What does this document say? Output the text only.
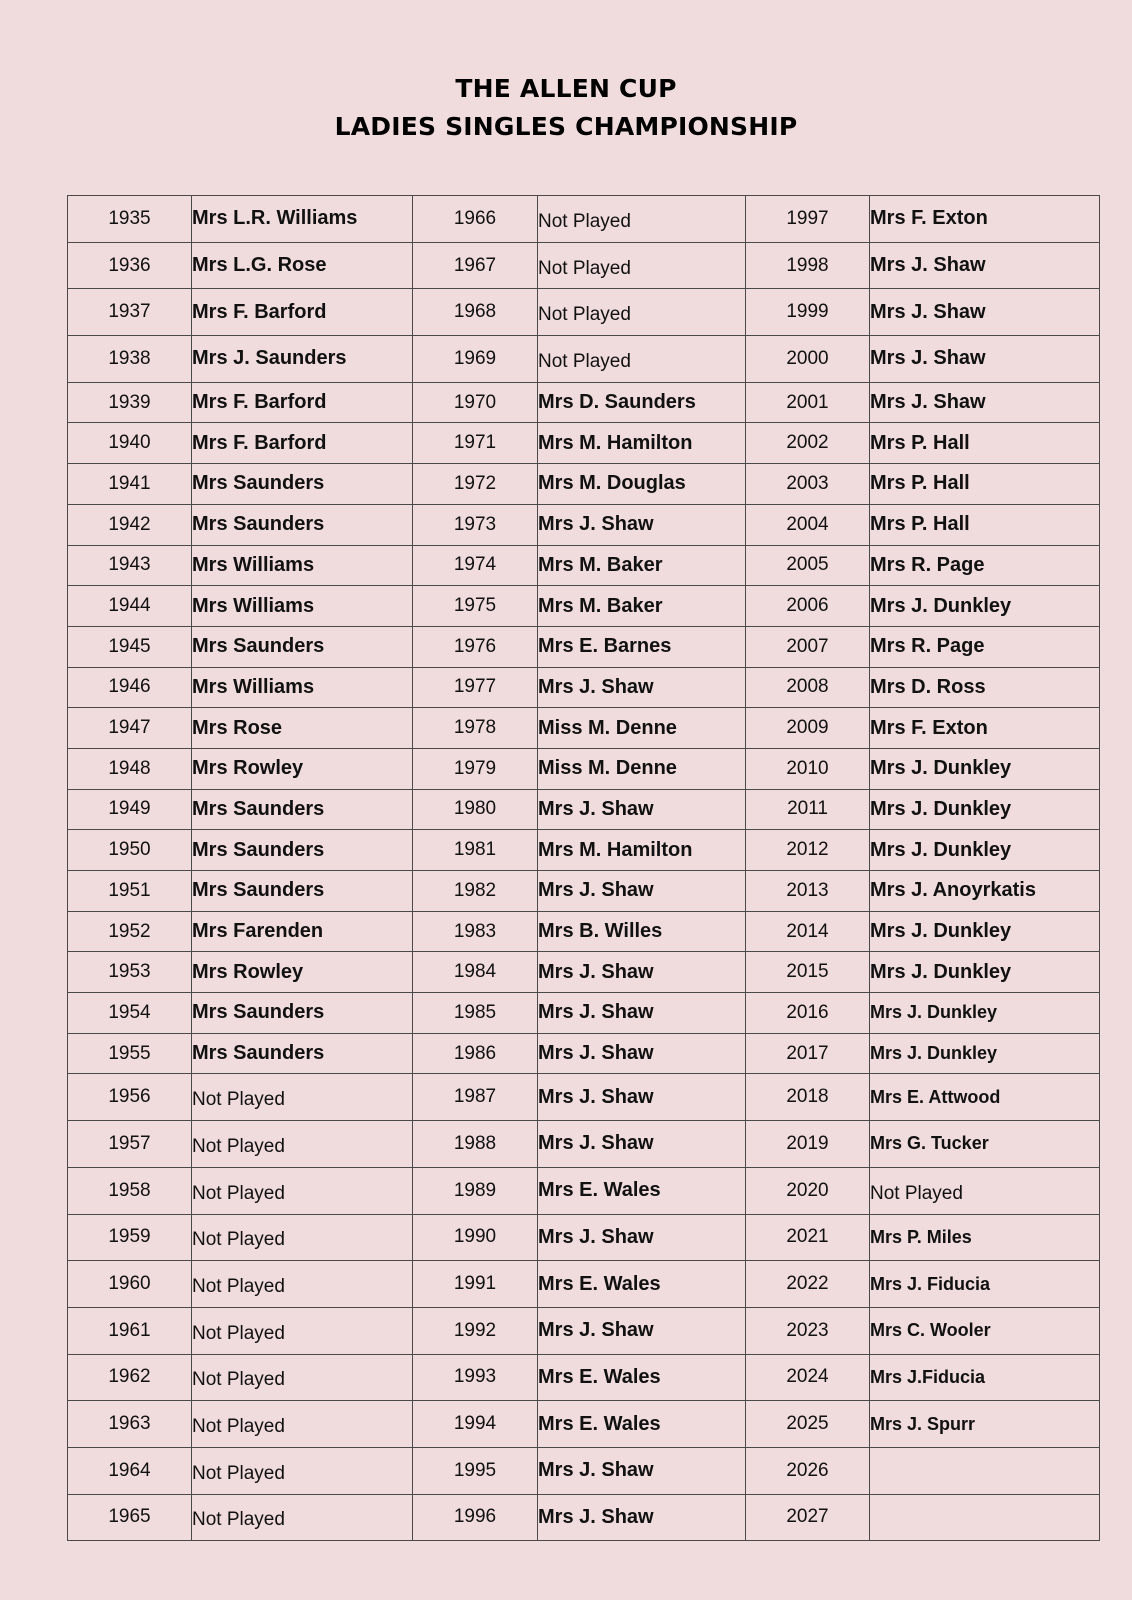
THE ALLEN CUP
LADIES SINGLES CHAMPIONSHIP
1935	Mrs L.R. Williams	1966	Not Played	1997	Mrs F. Exton
1936	Mrs L.G. Rose	1967	Not Played	1998	Mrs J. Shaw
1937	Mrs F. Barford	1968	Not Played	1999	Mrs J. Shaw
1938	Mrs J. Saunders	1969	Not Played	2000	Mrs J. Shaw
1939	Mrs F. Barford	1970	Mrs D. Saunders	2001	Mrs J. Shaw
1940	Mrs F. Barford	1971	Mrs M. Hamilton	2002	Mrs P. Hall
1941	Mrs Saunders	1972	Mrs M. Douglas	2003	Mrs P. Hall
1942	Mrs Saunders	1973	Mrs J. Shaw	2004	Mrs P. Hall
1943	Mrs Williams	1974	Mrs M. Baker	2005	Mrs R. Page
1944	Mrs Williams	1975	Mrs M. Baker	2006	Mrs J. Dunkley
1945	Mrs Saunders	1976	Mrs E. Barnes	2007	Mrs R. Page
1946	Mrs Williams	1977	Mrs J. Shaw	2008	Mrs D. Ross
1947	Mrs Rose	1978	Miss M. Denne	2009	Mrs F. Exton
1948	Mrs Rowley	1979	Miss M. Denne	2010	Mrs J. Dunkley
1949	Mrs Saunders	1980	Mrs J. Shaw	2011	Mrs J. Dunkley
1950	Mrs Saunders	1981	Mrs M. Hamilton	2012	Mrs J. Dunkley
1951	Mrs Saunders	1982	Mrs J. Shaw	2013	Mrs J. Anoyrkatis
1952	Mrs Farenden	1983	Mrs B. Willes	2014	Mrs J. Dunkley
1953	Mrs Rowley	1984	Mrs J. Shaw	2015	Mrs J. Dunkley
1954	Mrs Saunders	1985	Mrs J. Shaw	2016	Mrs J. Dunkley
1955	Mrs Saunders	1986	Mrs J. Shaw	2017	Mrs J. Dunkley
1956	Not Played	1987	Mrs J. Shaw	2018	Mrs E. Attwood
1957	Not Played	1988	Mrs J. Shaw	2019	Mrs G. Tucker
1958	Not Played	1989	Mrs E. Wales	2020	Not Played
1959	Not Played	1990	Mrs J. Shaw	2021	Mrs P. Miles
1960	Not Played	1991	Mrs E. Wales	2022	Mrs J. Fiducia
1961	Not Played	1992	Mrs J. Shaw	2023	Mrs C. Wooler
1962	Not Played	1993	Mrs E. Wales	2024	Mrs J.Fiducia
1963	Not Played	1994	Mrs E. Wales	2025	Mrs J. Spurr
1964	Not Played	1995	Mrs J. Shaw	2026	
1965	Not Played	1996	Mrs J. Shaw	2027	
